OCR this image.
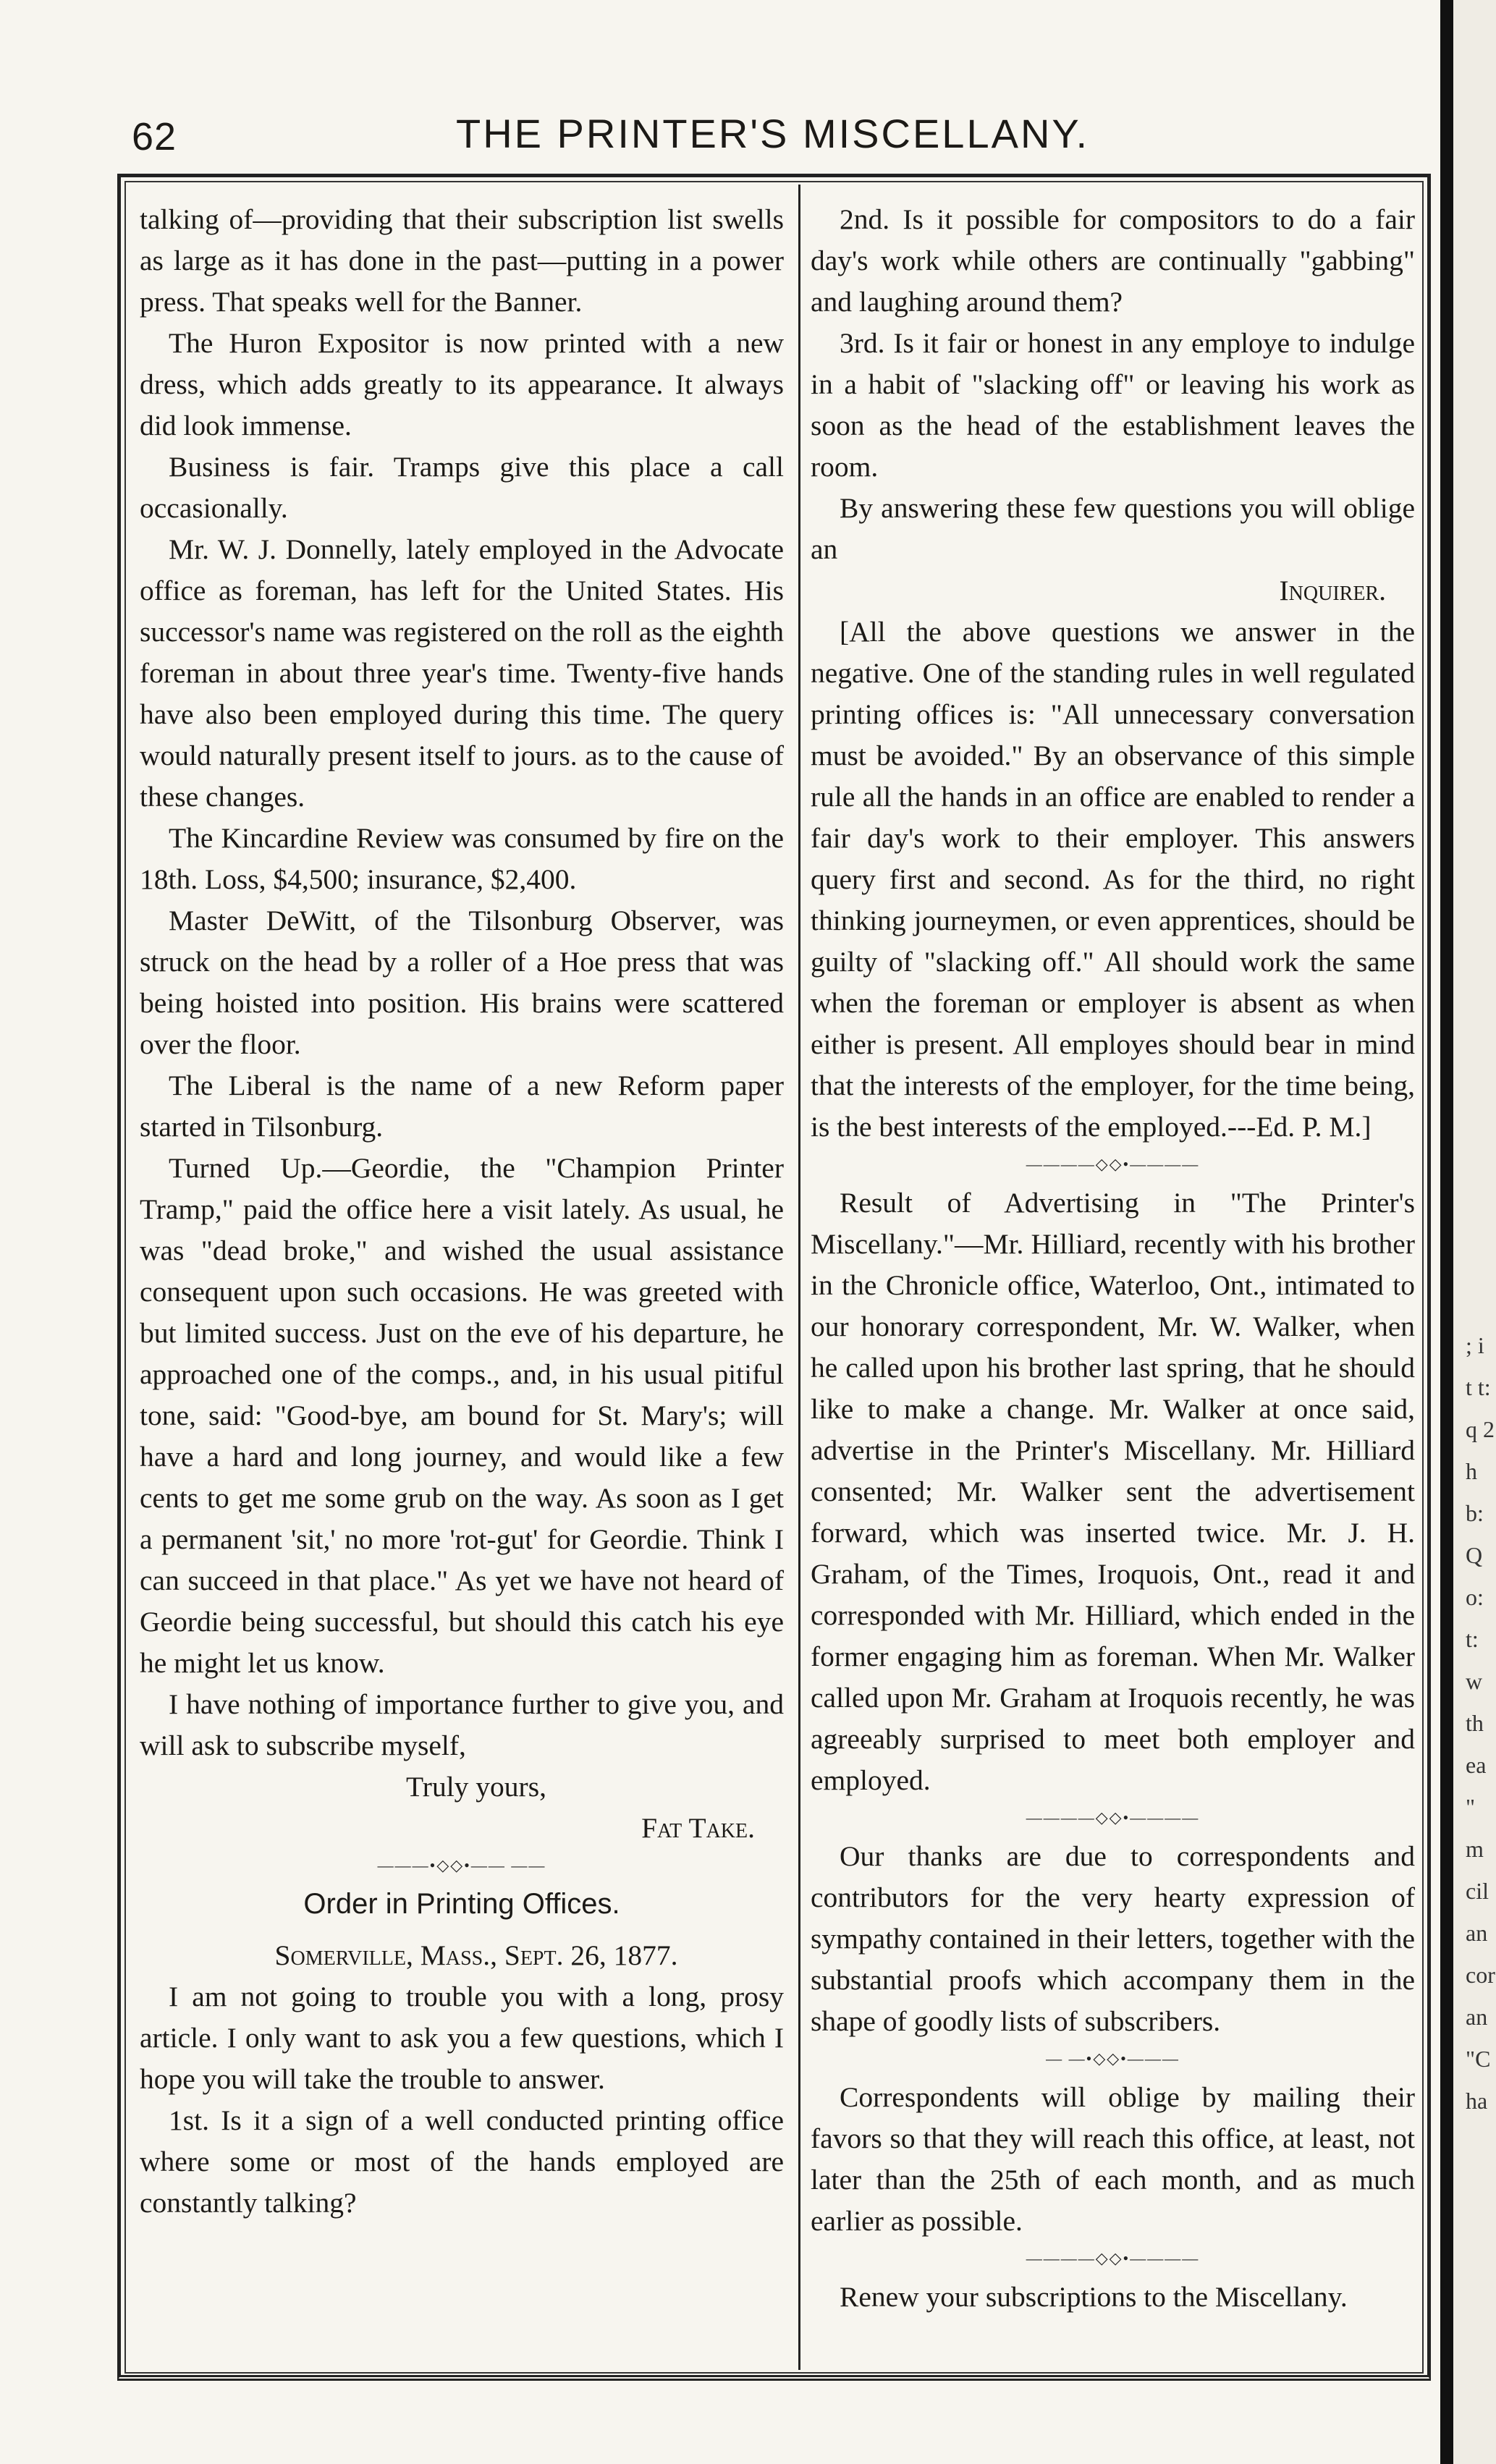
; i t t: q 2 h b: Q o: t: w th ea " m cil an cor an "C ha
62	THE PRINTER'S MISCELLANY.

talking of—providing that their subscription list swells as large as it has done in the past—putting in a power press. That speaks well for the Banner.

The Huron Expositor is now printed with a new dress, which adds greatly to its appearance. It always did look immense.

Business is fair. Tramps give this place a call occasionally.

Mr. W. J. Donnelly, lately employed in the Advocate office as foreman, has left for the United States. His successor's name was registered on the roll as the eighth foreman in about three year's time. Twenty-five hands have also been employed during this time. The query would naturally present itself to jours. as to the cause of these changes.

The Kincardine Review was consumed by fire on the 18th. Loss, $4,500; insurance, $2,400.

Master DeWitt, of the Tilsonburg Observer, was struck on the head by a roller of a Hoe press that was being hoisted into position. His brains were scattered over the floor.

The Liberal is the name of a new Reform paper started in Tilsonburg.

Turned Up.—Geordie, the "Champion Printer Tramp," paid the office here a visit lately. As usual, he was "dead broke," and wished the usual assistance consequent upon such occasions. He was greeted with but limited success. Just on the eve of his departure, he approached one of the comps., and, in his usual pitiful tone, said: "Good-bye, am bound for St. Mary's; will have a hard and long journey, and would like a few cents to get me some grub on the way. As soon as I get a permanent 'sit,' no more 'rot-gut' for Geordie. Think I can succeed in that place." As yet we have not heard of Geordie being successful, but should this catch his eye he might let us know.

I have nothing of importance further to give you, and will ask to subscribe myself,

Truly yours,

Fat Take.

———•◇◇•—— ——
Order in Printing Offices.

Somerville, Mass., Sept. 26, 1877.

I am not going to trouble you with a long, prosy article. I only want to ask you a few questions, which I hope you will take the trouble to answer.

1st. Is it a sign of a well conducted printing office where some or most of the hands employed are constantly talking?

2nd. Is it possible for compositors to do a fair day's work while others are continually "gabbing" and laughing around them?

3rd. Is it fair or honest in any employe to indulge in a habit of "slacking off" or leaving his work as soon as the head of the establishment leaves the room.

By answering these few questions you will oblige an

Inquirer.

[All the above questions we answer in the negative. One of the standing rules in well regulated printing offices is: "All unnecessary conversation must be avoided." By an observance of this simple rule all the hands in an office are enabled to render a fair day's work to their employer. This answers query first and second. As for the third, no right thinking journeymen, or even apprentices, should be guilty of "slacking off." All should work the same when the foreman or employer is absent as when either is present. All employes should bear in mind that the interests of the employer, for the time being, is the best interests of the employed.---Ed. P. M.]

————◇◇•————

Result of Advertising in "The Printer's Miscellany."—Mr. Hilliard, recently with his brother in the Chronicle office, Waterloo, Ont., intimated to our honorary correspondent, Mr. W. Walker, when he called upon his brother last spring, that he should like to make a change. Mr. Walker at once said, advertise in the Printer's Miscellany. Mr. Hilliard consented; Mr. Walker sent the advertisement forward, which was inserted twice. Mr. J. H. Graham, of the Times, Iroquois, Ont., read it and corresponded with Mr. Hilliard, which ended in the former engaging him as foreman. When Mr. Walker called upon Mr. Graham at Iroquois recently, he was agreeably surprised to meet both employer and employed.

————◇◇•————

Our thanks are due to correspondents and contributors for the very hearty expression of sympathy contained in their letters, together with the substantial proofs which accompany them in the shape of goodly lists of subscribers.

— —•◇◇•———

Correspondents will oblige by mailing their favors so that they will reach this office, at least, not later than the 25th of each month, and as much earlier as possible.

————◇◇•————

Renew your subscriptions to the Miscellany.
